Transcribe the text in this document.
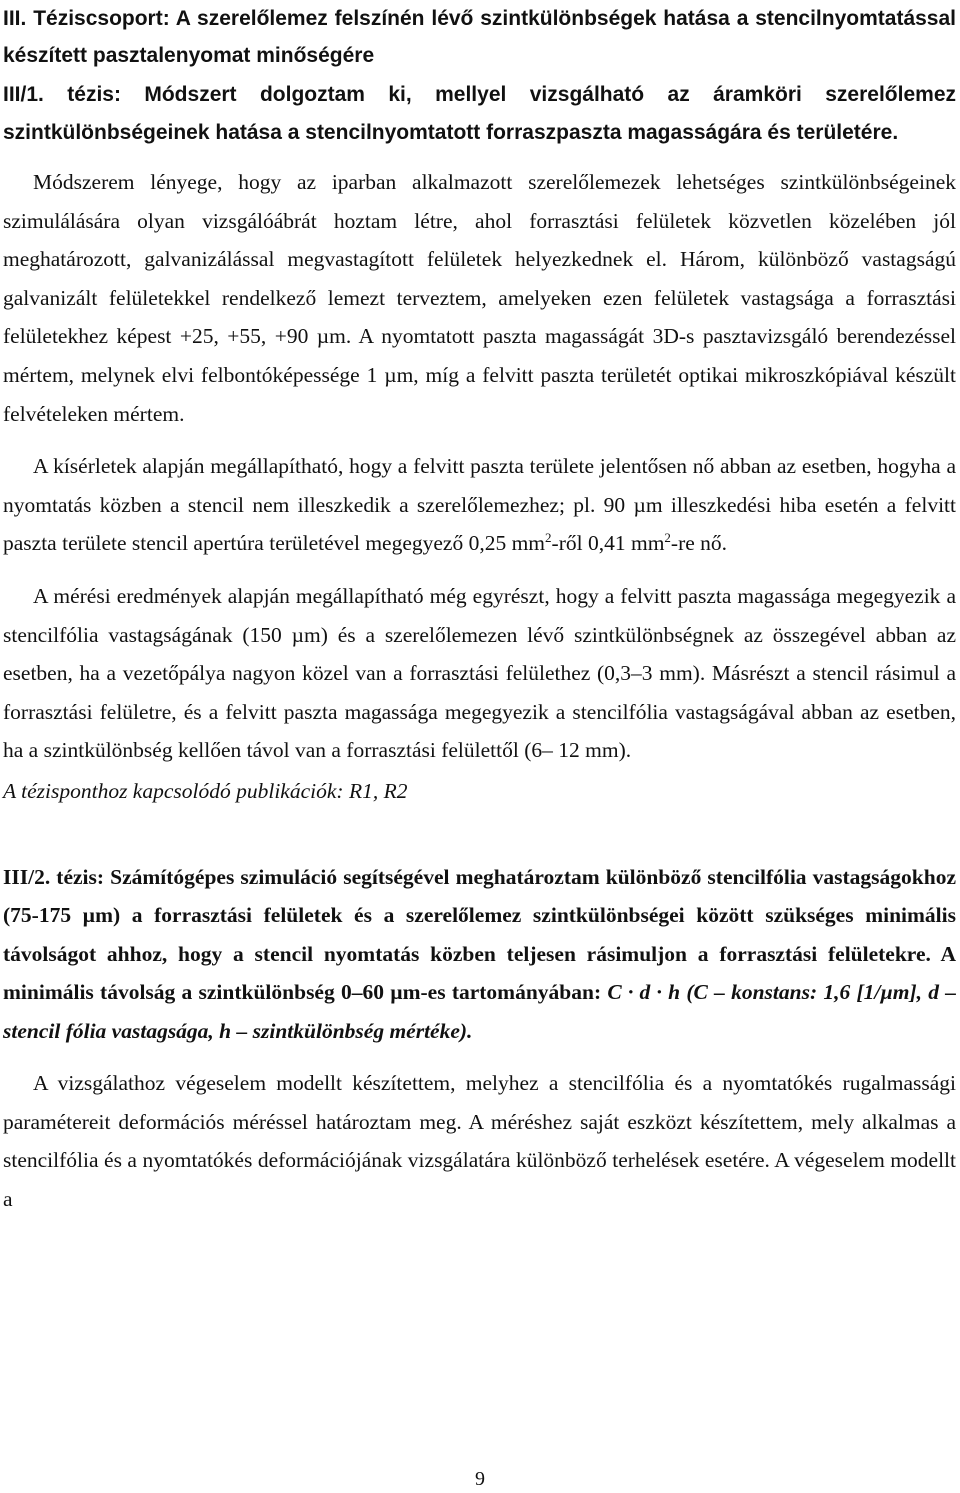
III. Téziscsoport: A szerelőlemez felszínén lévő szintkülönbségek hatása a stencilnyomtatással készített pasztalenyomat minőségére

III/1. tézis: Módszert dolgoztam ki, mellyel vizsgálható az áramköri szerelőlemez szintkülönbségeinek hatása a stencilnyomtatott forraszpaszta magasságára és területére.

Módszerem lényege, hogy az iparban alkalmazott szerelőlemezek lehetséges szintkülönbségeinek szimulálására olyan vizsgálóábrát hoztam létre, ahol forrasztási felületek közvetlen közelében jól meghatározott, galvanizálással megvastagított felületek helyezkednek el. Három, különböző vastagságú galvanizált felületekkel rendelkező lemezt terveztem, amelyeken ezen felületek vastagsága a forrasztási felületekhez képest +25, +55, +90 µm. A nyomtatott paszta magasságát 3D-s pasztavizsgáló berendezéssel mértem, melynek elvi felbontóképessége 1 µm, míg a felvitt paszta területét optikai mikroszkópiával készült felvételeken mértem.

A kísérletek alapján megállapítható, hogy a felvitt paszta területe jelentősen nő abban az esetben, hogyha a nyomtatás közben a stencil nem illeszkedik a szerelőlemezhez; pl. 90 µm illeszkedési hiba esetén a felvitt paszta területe stencil apertúra területével megegyező 0,25 $mm^2$-ről 0,41 $mm^2-re$ nő.

A mérési eredmények alapján megállapítható még egyrészt, hogy a felvitt paszta magassága megegyezik a stencilfólia vastagságának (150 µm) és a szerelőlemezen lévő szintkülönbségnek az összegével abban az esetben, ha a vezetőpálya nagyon közel van a forrasztási felülethez (0,3–3 mm). Másrészt a stencil rásimul a forrasztási felületre, és a felvitt paszta magassága megegyezik a stencilfólia vastagságával abban az esetben, ha a szintkülönbség kellően távol van a forrasztási felülettől (6– 12 mm).

A tézisponthoz kapcsolódó publikációk: R1, R2

III/2. tézis: Számítógépes szimuláció segítségével meghatároztam különböző stencilfólia vastagságokhoz (75-175 µm) a forrasztási felületek és a szerelőlemez szintkülönbségei között szükséges minimális távolságot ahhoz, hogy a stencil nyomtatás közben teljesen rásimuljon a forrasztási felületekre. A minimális távolság a szintkülönbség 0–60 µm-es tartományában: C · d · h (C – konstans: 1,6 [1/µm], d – stencil fólia vastagsága, h – szintkülönbség mértéke).

A vizsgálathoz végeselem modellt készítettem, melyhez a stencilfólia és a nyomtatókés rugalmassági paramétereit deformációs méréssel határoztam meg. A méréshez saját eszközt készítettem, mely alkalmas a stencilfólia és a nyomtatókés deformációjának vizsgálatára különböző terhelések esetére. A végeselem modellt a

9
